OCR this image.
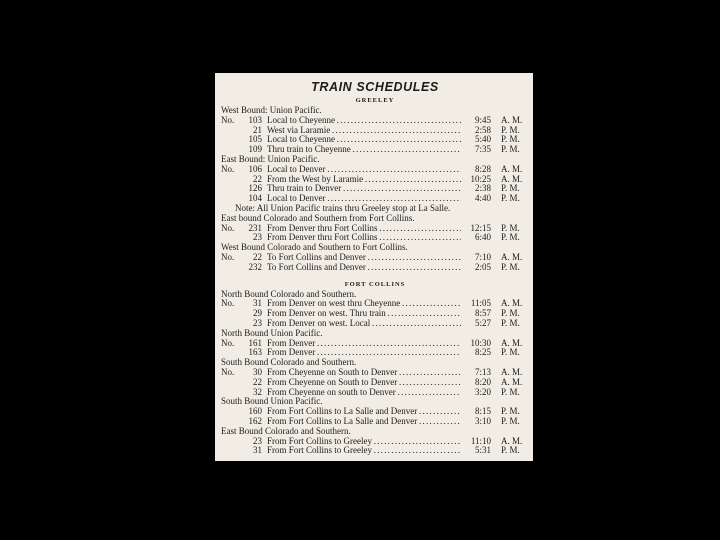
TRAIN SCHEDULES
GREELEY
West Bound: Union Pacific.
No.	103 Local to Cheyenne . . .	9:45	A. M.
21 West via Laramie . . .	2:58	P. M.
105 Local to Cheyenne . . .	5:40	P. M.
109 Thru train to Cheyenne . . .	7:35	P. M.
East Bound: Union Pacific.
No.	106 Local to Denver . . .	8:28	A. M.
22 From the West by Laramie . . .	10:25	A. M.
126 Thru train to Denver . . .	2:38	P. M.
104 Local to Denver . . .	4:40	P. M.
Note: All Union Pacific trains thru Greeley stop at La Salle.
East bound Colorado and Southern from Fort Collins.
No.	231 From Denver thru Fort Collins . . .	12:15	P. M.
23 From Denver thru Fort Collins . . .	6:40	P. M.
West Bound Colorado and Southern to Fort Collins.
No.	22 To Fort Collins and Denver . . .	7:10	A. M.
232 To Fort Collins and Denver . . .	2:05	P. M.
FORT COLLINS
North Bound Colorado and Southern.
No.	31 From Denver on west thru Cheyenne . . .	11:05	A. M.
29 From Denver on west. Thru train . . .	8:57	P. M.
23 From Denver on west. Local . . .	5:27	P. M.
North Bound Union Pacific.
No.	161 From Denver . . .	10:30	A. M.
163 From Denver . . .	8:25	P. M.
South Bound Colorado and Southern.
No.	30 From Cheyenne on South to Denver . . .	7:13	A. M.
22 From Cheyenne on South to Denver . . .	8:20	A. M.
32 From Cheyenne on south to Denver . . .	3:20	P. M.
South Bound Union Pacific.
160 From Fort Collins to La Salle and Denver . . .	8:15	P. M.
162 From Fort Collins to La Salle and Denver . . .	3:10	P. M.
East Bound Colorado and Southern.
23 From Fort Collins to Greeley . . .	11:10	A. M.
31 From Fort Collins to Greeley . . .	5:31	P. M.
